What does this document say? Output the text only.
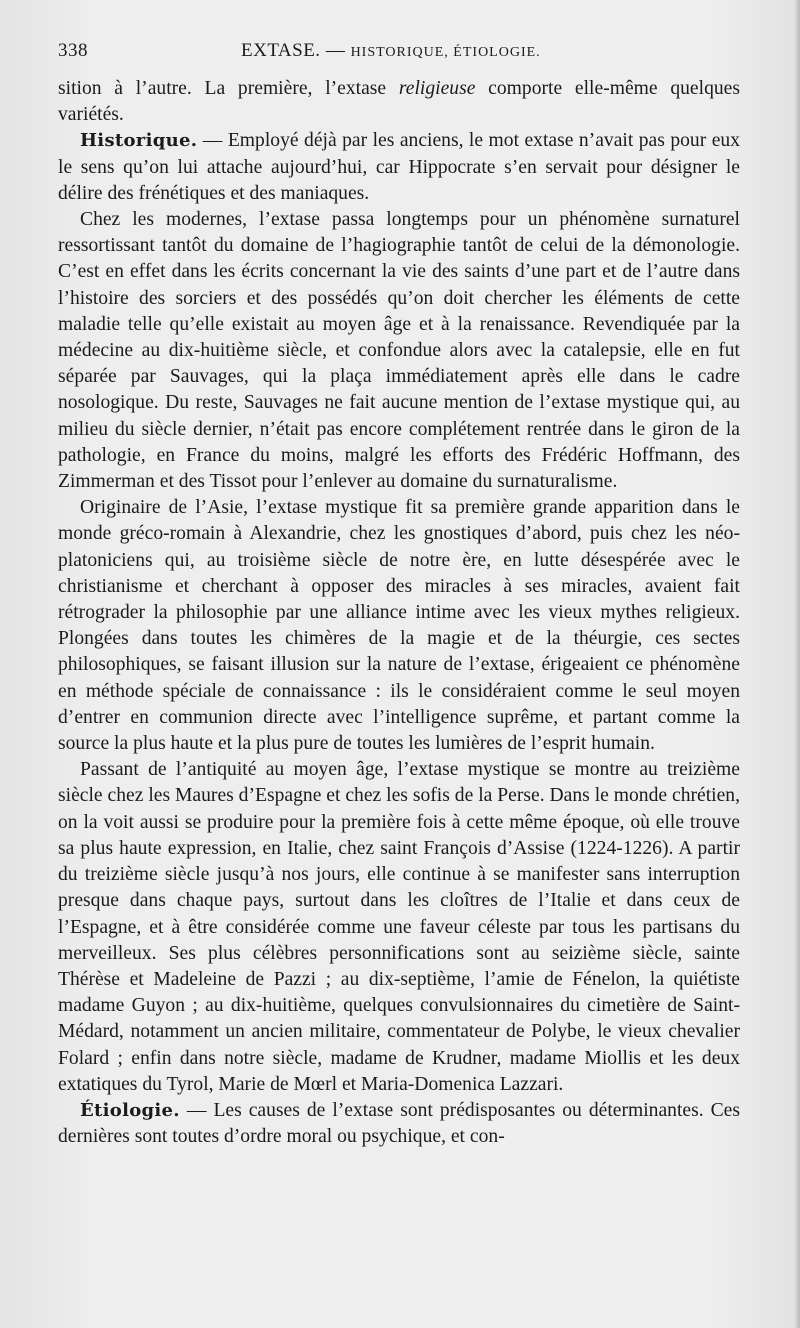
338	EXTASE. — HISTORIQUE, ÉTIOLOGIE.

sition à l’autre. La première, l’extase religieuse comporte elle-même quelques variétés.

Historique. — Employé déjà par les anciens, le mot extase n’avait pas pour eux le sens qu’on lui attache aujourd’hui, car Hippocrate s’en servait pour désigner le délire des frénétiques et des maniaques.

Chez les modernes, l’extase passa longtemps pour un phénomène surnaturel ressortissant tantôt du domaine de l’hagiographie tantôt de celui de la démonologie. C’est en effet dans les écrits concernant la vie des saints d’une part et de l’autre dans l’histoire des sorciers et des possédés qu’on doit chercher les éléments de cette maladie telle qu’elle existait au moyen âge et à la renaissance. Revendiquée par la médecine au dix-huitième siècle, et confondue alors avec la catalepsie, elle en fut séparée par Sauvages, qui la plaça immédiatement après elle dans le cadre nosologique. Du reste, Sauvages ne fait aucune mention de l’extase mystique qui, au milieu du siècle dernier, n’était pas encore complétement rentrée dans le giron de la pathologie, en France du moins, malgré les efforts des Frédéric Hoffmann, des Zimmerman et des Tissot pour l’enlever au domaine du surnaturalisme.

Originaire de l’Asie, l’extase mystique fit sa première grande apparition dans le monde gréco-romain à Alexandrie, chez les gnostiques d’abord, puis chez les néo-platoniciens qui, au troisième siècle de notre ère, en lutte désespérée avec le christianisme et cherchant à opposer des miracles à ses miracles, avaient fait rétrograder la philosophie par une alliance intime avec les vieux mythes religieux. Plongées dans toutes les chimères de la magie et de la théurgie, ces sectes philosophiques, se faisant illusion sur la nature de l’extase, érigeaient ce phénomène en méthode spéciale de connaissance : ils le considéraient comme le seul moyen d’entrer en communion directe avec l’intelligence suprême, et partant comme la source la plus haute et la plus pure de toutes les lumières de l’esprit humain.

Passant de l’antiquité au moyen âge, l’extase mystique se montre au treizième siècle chez les Maures d’Espagne et chez les sofis de la Perse. Dans le monde chrétien, on la voit aussi se produire pour la première fois à cette même époque, où elle trouve sa plus haute expression, en Italie, chez saint François d’Assise (1224-1226). A partir du treizième siècle jusqu’à nos jours, elle continue à se manifester sans interruption presque dans chaque pays, surtout dans les cloîtres de l’Italie et dans ceux de l’Espagne, et à être considérée comme une faveur céleste par tous les partisans du merveilleux. Ses plus célèbres personnifications sont au seizième siècle, sainte Thérèse et Madeleine de Pazzi ; au dix-septième, l’amie de Fénelon, la quiétiste madame Guyon ; au dix-huitième, quelques convulsionnaires du cimetière de Saint-Médard, notamment un ancien militaire, commentateur de Polybe, le vieux chevalier Folard ; enfin dans notre siècle, madame de Krudner, madame Miollis et les deux extatiques du Tyrol, Marie de Mœrl et Maria-Domenica Lazzari.

Étiologie. — Les causes de l’extase sont prédisposantes ou déterminantes. Ces dernières sont toutes d’ordre moral ou psychique, et con-
